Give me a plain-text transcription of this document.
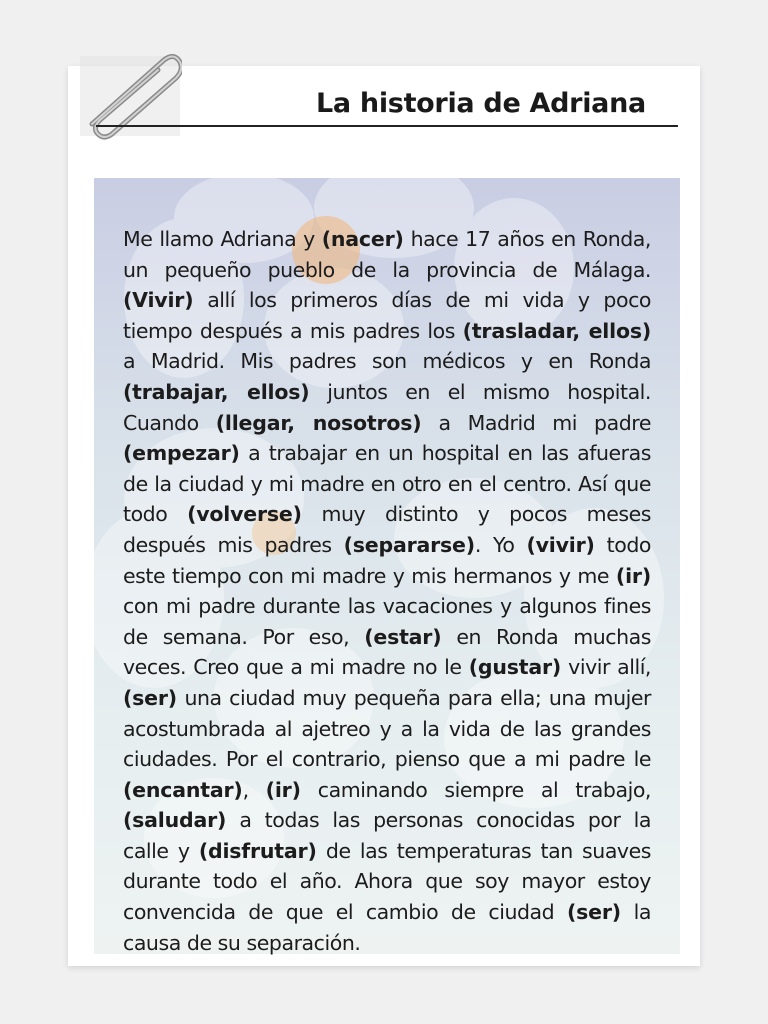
La historia de Adriana
Me llamo Adriana y (nacer) hace 17 años en Ronda, un pequeño pueblo de la provincia de Málaga. (Vivir) allí los primeros días de mi vida y poco tiempo después a mis padres los (trasladar, ellos) a Madrid. Mis padres son médicos y en Ronda (trabajar, ellos) juntos en el mismo hospital. Cuando (llegar, nosotros) a Madrid mi padre (empezar) a trabajar en un hospital en las afueras de la ciudad y mi madre en otro en el centro. Así que todo (volverse) muy distinto y pocos meses después mis padres (separarse). Yo (vivir) todo este tiempo con mi madre y mis hermanos y me (ir) con mi padre durante las vacaciones y algunos fines de semana. Por eso, (estar) en Ronda muchas veces. Creo que a mi madre no le (gustar) vivir allí, (ser) una ciudad muy pequeña para ella; una mujer acostumbrada al ajetreo y a la vida de las grandes ciudades. Por el contrario, pienso que a mi padre le (encantar), (ir) caminando siempre al trabajo, (saludar) a todas las personas conocidas por la calle y (disfrutar) de las temperaturas tan suaves durante todo el año. Ahora que soy mayor estoy convencida de que el cambio de ciudad (ser) la causa de su separación.
